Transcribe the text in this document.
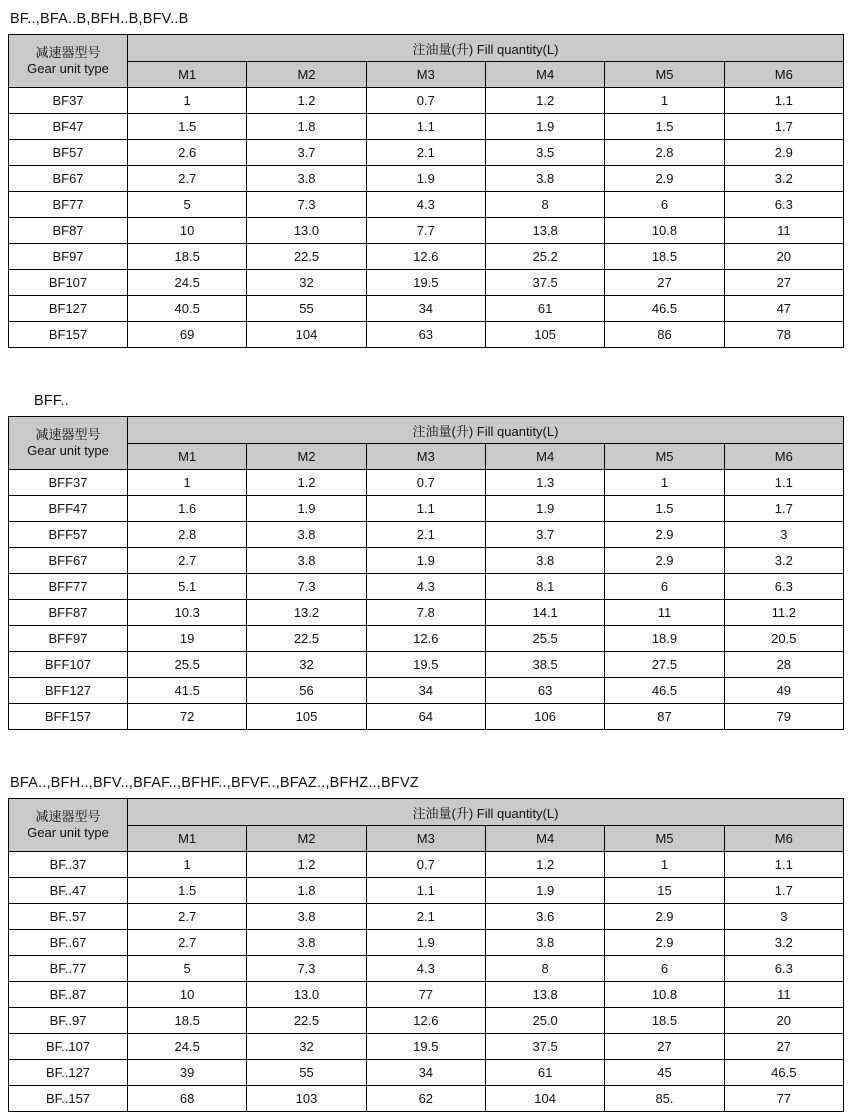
BF..,BFA..B,BFH..B,BFV..B
减速器型号
Gear unit type	注油量(升) Fill quantity(L)					
	M1	M2	M3	M4	M5	M6
BF37	1	1.2	0.7	1.2	1	1.1
BF47	1.5	1.8	1.1	1.9	1.5	1.7
BF57	2.6	3.7	2.1	3.5	2.8	2.9
BF67	2.7	3.8	1.9	3.8	2.9	3.2
BF77	5	7.3	4.3	8	6	6.3
BF87	10	13.0	7.7	13.8	10.8	11
BF97	18.5	22.5	12.6	25.2	18.5	20
BF107	24.5	32	19.5	37.5	27	27
BF127	40.5	55	34	61	46.5	47
BF157	69	104	63	105	86	78
BFF..
减速器型号
Gear unit type	注油量(升) Fill quantity(L)					
	M1	M2	M3	M4	M5	M6
BFF37	1	1.2	0.7	1.3	1	1.1
BFF47	1.6	1.9	1.1	1.9	1.5	1.7
BFF57	2.8	3.8	2.1	3.7	2.9	3
BFF67	2.7	3.8	1.9	3.8	2.9	3.2
BFF77	5.1	7.3	4.3	8.1	6	6.3
BFF87	10.3	13.2	7.8	14.1	11	11.2
BFF97	19	22.5	12.6	25.5	18.9	20.5
BFF107	25.5	32	19.5	38.5	27.5	28
BFF127	41.5	56	34	63	46.5	49
BFF157	72	105	64	106	87	79
BFA..,BFH..,BFV..,BFAF..,BFHF..,BFVF..,BFAZ..,BFHZ..,BFVZ
减速器型号
Gear unit type	注油量(升) Fill quantity(L)					
	M1	M2	M3	M4	M5	M6
BF..37	1	1.2	0.7	1.2	1	1.1
BF..47	1.5	1.8	1.1	1.9	15	1.7
BF..57	2.7	3.8	2.1	3.6	2.9	3
BF..67	2.7	3.8	1.9	3.8	2.9	3.2
BF..77	5	7.3	4.3	8	6	6.3
BF..87	10	13.0	77	13.8	10.8	11
BF..97	18.5	22.5	12.6	25.0	18.5	20
BF..107	24.5	32	19.5	37.5	27	27
BF..127	39	55	34	61	45	46.5
BF..157	68	103	62	104	85.	77
